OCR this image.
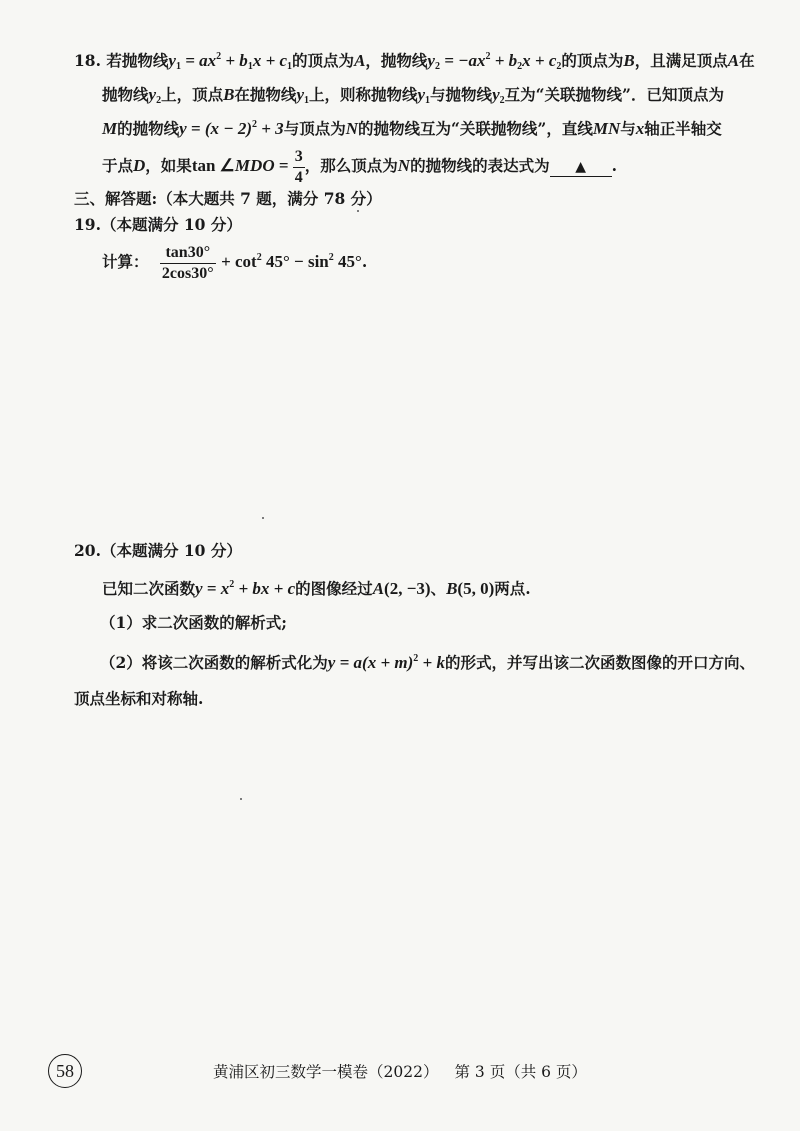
18. 若抛物线$y_1 = ax^2 + b_1x + c_1$的顶点为A，抛物线$y_2 = -ax^2 + b_2x + c_2$的顶点为B，且满足顶点A在
抛物线$y_2$上，顶点B在抛物线$y_1$上，则称抛物线$y_1$与抛物线$y_2$互为“关联抛物线”．已知顶点为
M的抛物线$y = (x - 2)^2 + 3$与顶点为N的抛物线互为“关联抛物线”，直线MN与x轴正半轴交
于点D，如果tan ∠MDO = $\frac{3}{4}$ ，那么顶点为N的抛物线的表达式为 ▲ .
三、解答题:（本大题共 7 题，满分 78 分）
19.（本题满分 10 分）
计算： $\frac{\tan 30^\circ}{2\cos 30^\circ} + \cot^2 45^\circ - \sin^2 45^\circ$.
20.（本题满分 10 分）
已知二次函数$y = x^2$ + bx + c的图像经过A(2, −3)、B(5, 0)两点.
（1）求二次函数的解析式;
（2）将该二次函数的解析式化为$y = a(x + m)^2 + k$的形式，并写出该二次函数图像的开口方向、
顶点坐标和对称轴.
58	黄浦区初三数学一模卷（2022） 第 3 页（共 6 页）
